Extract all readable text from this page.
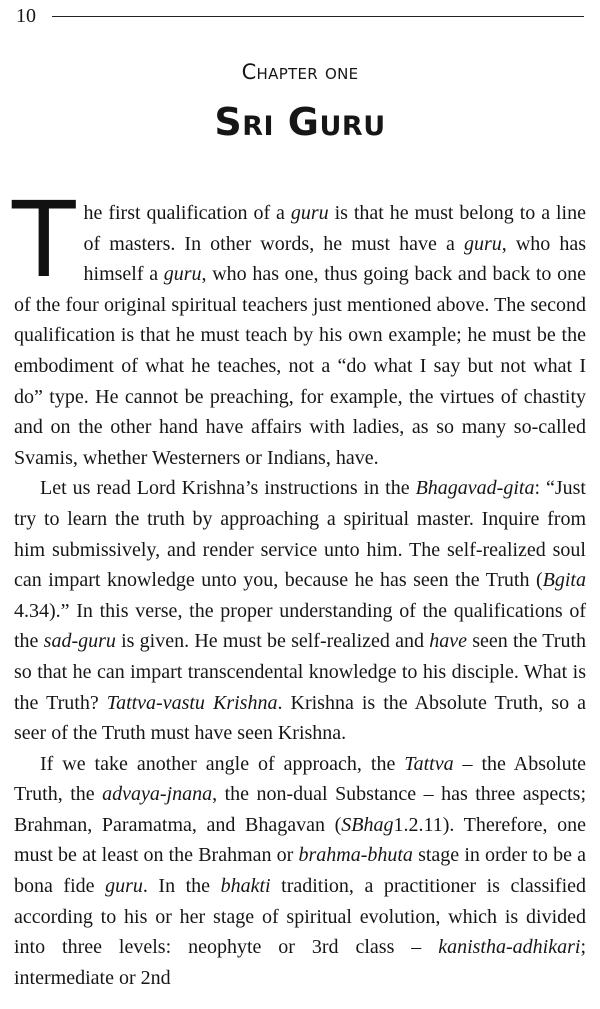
10
Chapter one
Sri Guru

The first qualification of a guru is that he must belong to a line of masters. In other words, he must have a guru, who has himself a guru, who has one, thus going back and back to one of the four original spiritual teachers just mentioned above. The second qualification is that he must teach by his own example; he must be the embodiment of what he teaches, not a “do what I say but not what I do” type. He cannot be preaching, for example, the virtues of chastity and on the other hand have affairs with ladies, as so many so-called Svamis, whether Westerners or Indians, have.

Let us read Lord Krishna’s instructions in the Bhagavad-gita: “Just try to learn the truth by approaching a spiritual master. Inquire from him submissively, and render service unto him. The self-realized soul can impart knowledge unto you, because he has seen the Truth (Bgita 4.34).” In this verse, the proper understanding of the qualifications of the sad-guru is given. He must be self-realized and have seen the Truth so that he can impart transcendental knowledge to his disciple. What is the Truth? Tattva-vastu Krishna. Krishna is the Absolute Truth, so a seer of the Truth must have seen Krishna.

If we take another angle of approach, the Tattva – the Absolute Truth, the advaya-jnana, the non-dual Substance – has three aspects; Brahman, Paramatma, and Bhagavan (SBhag1.2.11). Therefore, one must be at least on the Brahman or brahma-bhuta stage in order to be a bona fide guru. In the bhakti tradition, a practitioner is classified according to his or her stage of spiritual evolution, which is divided into three levels: neophyte or 3rd class – kanistha-adhikari; intermediate or 2nd
